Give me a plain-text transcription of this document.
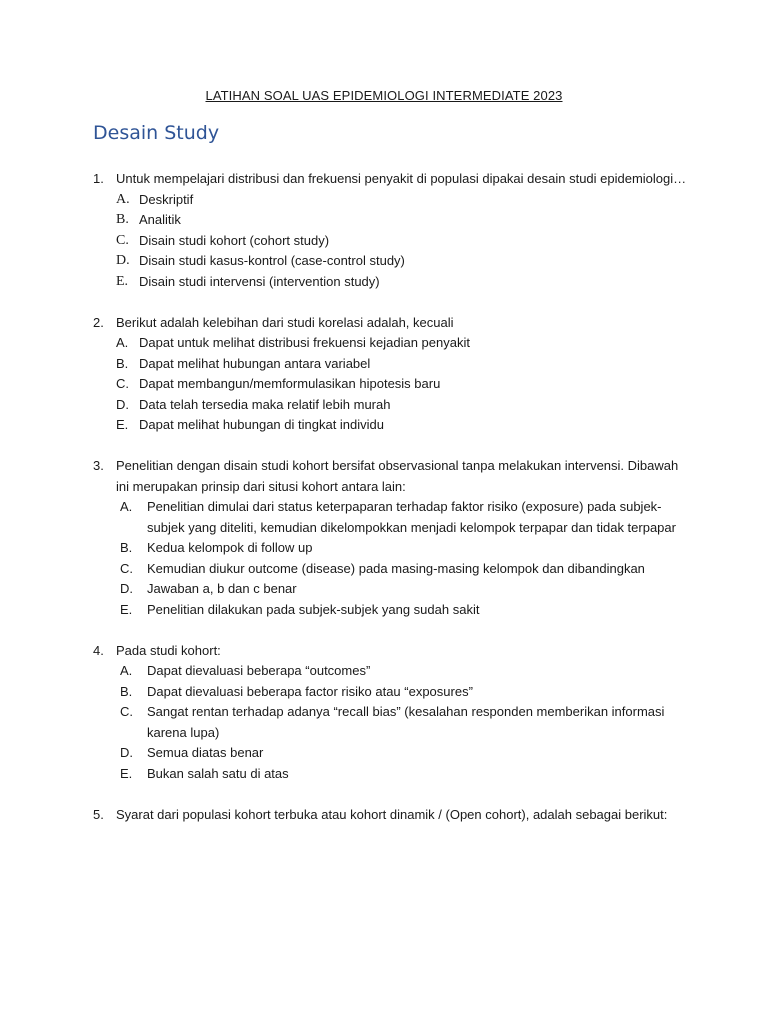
LATIHAN SOAL UAS EPIDEMIOLOGI INTERMEDIATE 2023
Desain Study
1. Untuk mempelajari distribusi dan frekuensi penyakit di populasi dipakai desain studi epidemiologi…
A. Deskriptif
B. Analitik
C. Disain studi kohort (cohort study)
D. Disain studi kasus-kontrol (case-control study)
E. Disain studi intervensi (intervention study)
2. Berikut adalah kelebihan dari studi korelasi adalah, kecuali
A. Dapat untuk melihat distribusi frekuensi kejadian penyakit
B. Dapat melihat hubungan antara variabel
C. Dapat membangun/memformulasikan hipotesis baru
D. Data telah tersedia maka relatif lebih murah
E. Dapat melihat hubungan di tingkat individu
3. Penelitian dengan disain studi kohort bersifat observasional tanpa melakukan intervensi. Dibawah ini merupakan prinsip dari situsi kohort antara lain:
A. Penelitian dimulai dari status keterpaparan terhadap faktor risiko (exposure) pada subjek-subjek yang diteliti, kemudian dikelompokkan menjadi kelompok terpapar dan tidak terpapar
B. Kedua kelompok di follow up
C. Kemudian diukur outcome (disease) pada masing-masing kelompok dan dibandingkan
D. Jawaban a, b dan c benar
E. Penelitian dilakukan pada subjek-subjek yang sudah sakit
4. Pada studi kohort:
A. Dapat dievaluasi beberapa “outcomes”
B. Dapat dievaluasi beberapa factor risiko atau “exposures”
C. Sangat rentan terhadap adanya “recall bias” (kesalahan responden memberikan informasi karena lupa)
D. Semua diatas benar
E. Bukan salah satu di atas
5. Syarat dari populasi kohort terbuka atau kohort dinamik / (Open cohort), adalah sebagai berikut:
